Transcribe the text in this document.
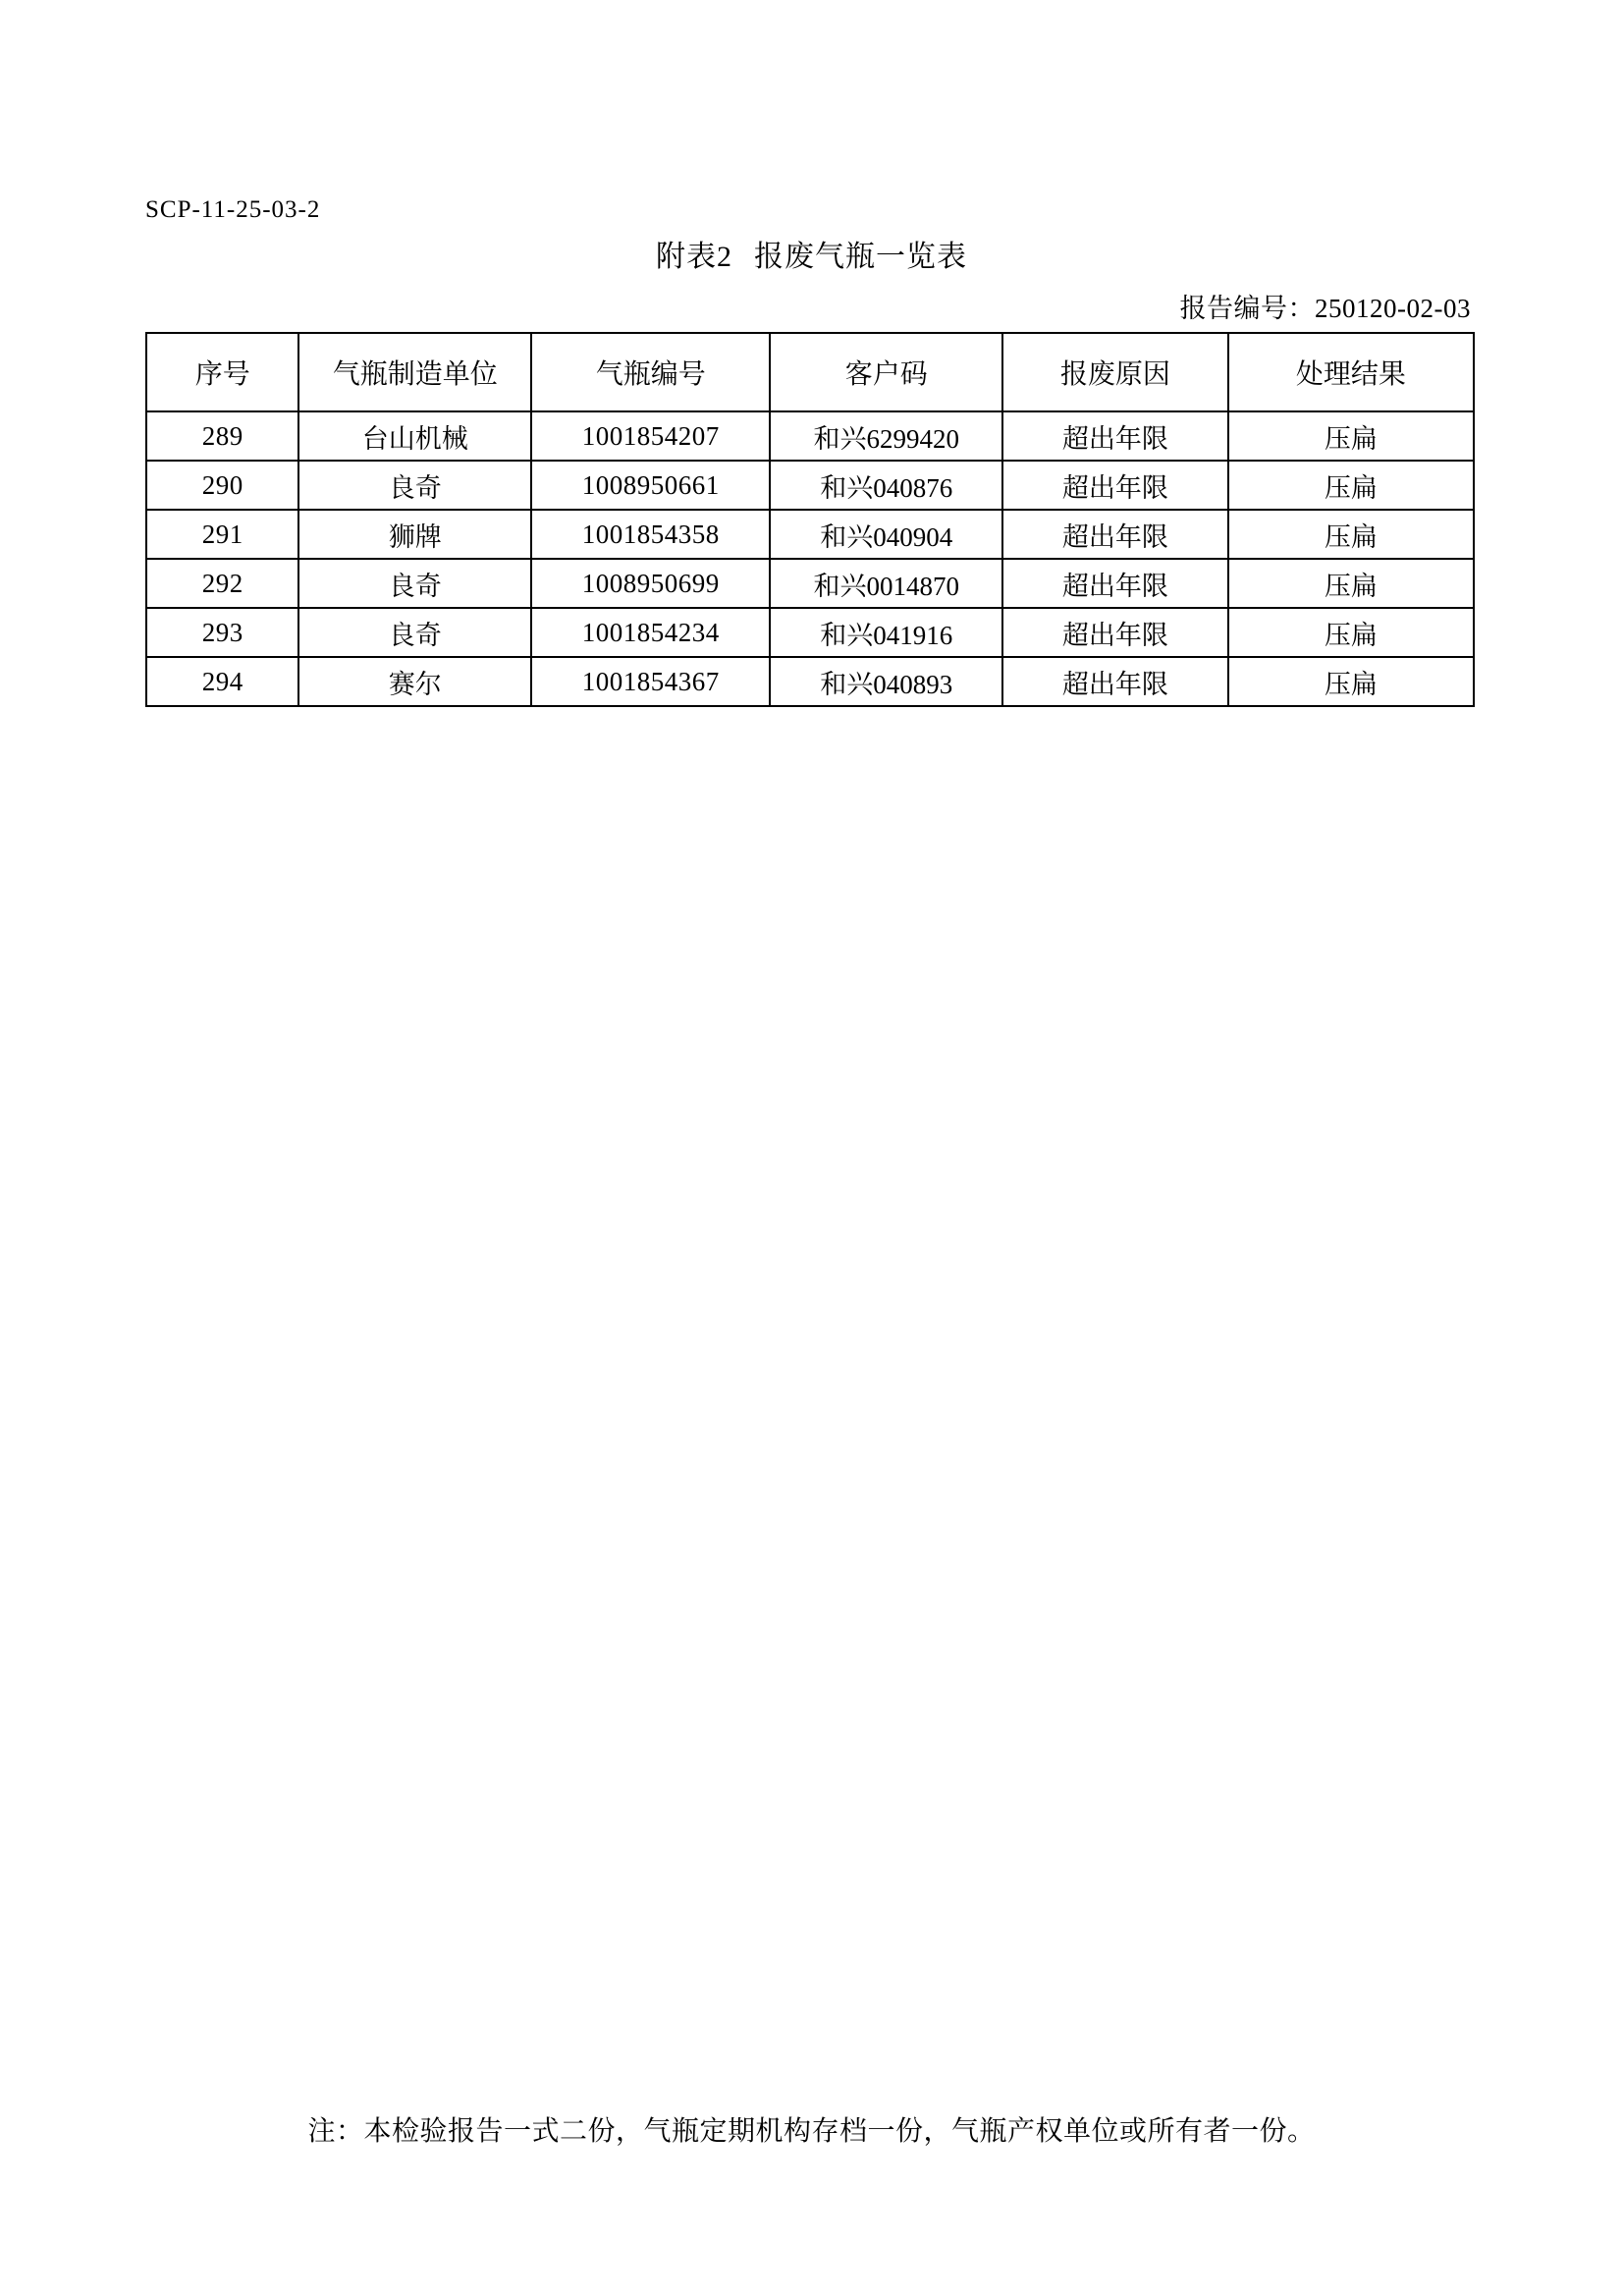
SCP-11-25-03-2
附表2 报废气瓶一览表
报告编号：250120-02-03
序号	气瓶制造单位	气瓶编号	客户码	报废原因	处理结果
289	台山机械	1001854207	和兴6299420	超出年限	压扁
290	良奇	1008950661	和兴040876	超出年限	压扁
291	狮牌	1001854358	和兴040904	超出年限	压扁
292	良奇	1008950699	和兴0014870	超出年限	压扁
293	良奇	1001854234	和兴041916	超出年限	压扁
294	赛尔	1001854367	和兴040893	超出年限	压扁
注：本检验报告一式二份，气瓶定期机构存档一份，气瓶产权单位或所有者一份。
